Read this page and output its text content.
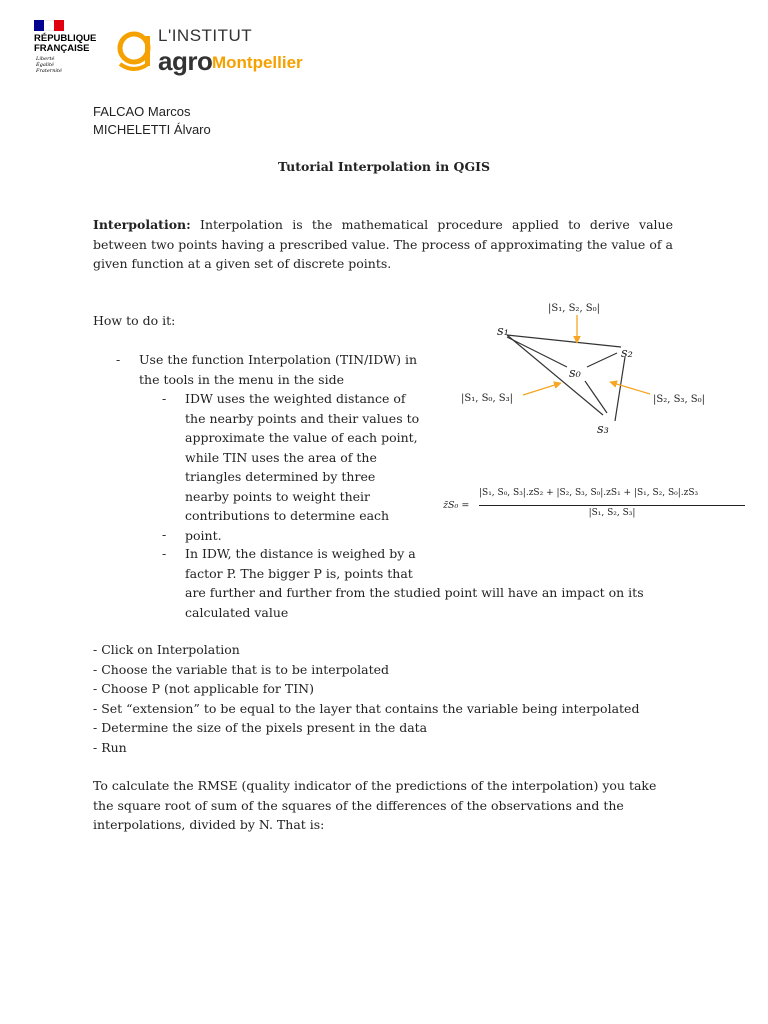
RÉPUBLIQUE
FRANÇAISE
Liberté
Égalité
Fraternité
L'INSTITUT
agro Montpellier
FALCAO Marcos
MICHELETTI Álvaro
Tutorial Interpolation in QGIS
Interpolation: Interpolation is the mathematical procedure applied to derive value between two points having a prescribed value. The process of approximating the value of a given function at a given set of discrete points.
How to do it:
- Use the function Interpolation (TIN/IDW) in the tools in the menu in the side
- IDW uses the weighted distance of the nearby points and their values to approximate the value of each point, while TIN uses the area of the triangles determined by three nearby points to weight their contributions to determine each point.
-
- In IDW, the distance is weighed by a factor P. The bigger P is, points that
are further and further from the studied point will have an impact on its calculated value
- Click on Interpolation
- Choose the variable that is to be interpolated
- Choose P (not applicable for TIN)
- Set “extension” to be equal to the layer that contains the variable being interpolated
- Determine the size of the pixels present in the data
- Run
To calculate the RMSE (quality indicator of the predictions of the interpolation) you take the square root of sum of the squares of the differences of the observations and the interpolations, divided by N. That is:
|S₁, S₂, S₀|
|S₁, S₀, S₃|	|S₂, S₃, S₀|
s₁
s₂
s₀
s₃
z̃S₀ =
|S₁, S₀, S₃|.zS₂ + |S₂, S₃, S₀|.zS₁ + |S₁, S₂, S₀|.zS₃
|S₁, S₂, S₃|
